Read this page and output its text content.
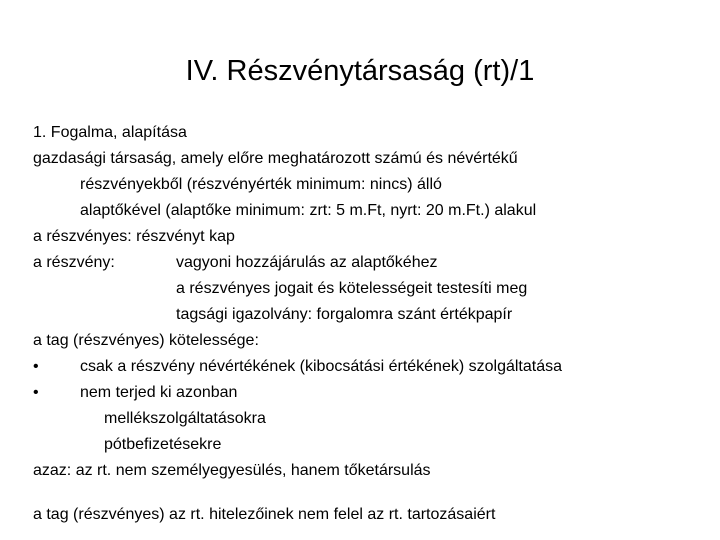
IV. Részvénytársaság (rt)/1
1. Fogalma, alapítása
gazdasági társaság, amely előre meghatározott számú és névértékű
részvényekből (részvényérték minimum: nincs) álló
alaptőkével (alaptőke minimum: zrt: 5 m.Ft, nyrt: 20 m.Ft.) alakul
a részvényes: részvényt kap
a részvény:	vagyoni hozzájárulás az alaptőkéhez
a részvényes jogait és kötelességeit testesíti meg
tagsági igazolvány: forgalomra szánt értékpapír
a tag (részvényes) kötelessége:
•	csak a részvény névértékének (kibocsátási értékének) szolgáltatása
•	nem terjed ki azonban
mellékszolgáltatásokra
pótbefizetésekre
azaz: az rt. nem személyegyesülés, hanem tőketársulás
a tag (részvényes) az rt. hitelezőinek nem felel az rt. tartozásaiért
